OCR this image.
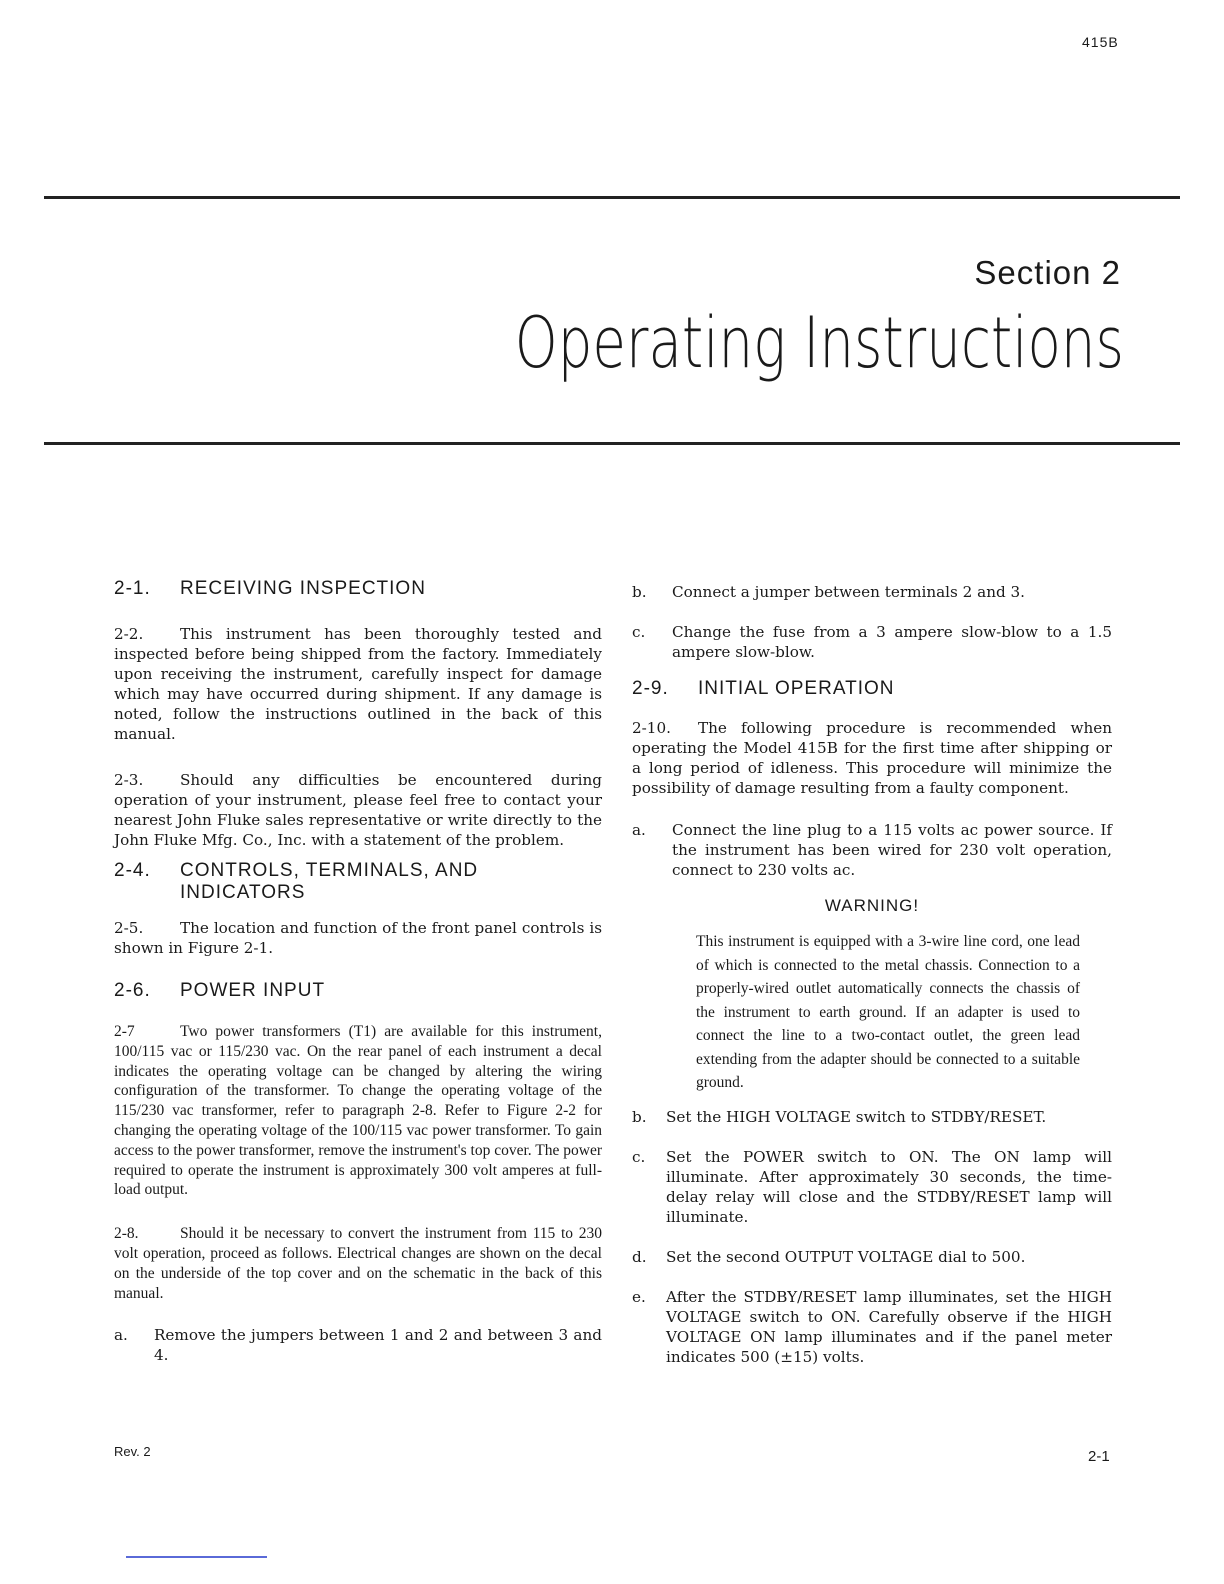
415B
Section 2
Operating Instructions
2-1.	RECEIVING INSPECTION

2-2. This instrument has been thoroughly tested and inspected before being shipped from the factory. Immediately upon receiving the instrument, carefully inspect for damage which may have occurred during shipment. If any damage is noted, follow the instructions outlined in the back of this manual.

2-3. Should any difficulties be encountered during operation of your instrument, please feel free to contact your nearest John Fluke sales representative or write directly to the John Fluke Mfg. Co., Inc. with a statement of the problem.

2-4.	CONTROLS, TERMINALS, AND INDICATORS

2-5. The location and function of the front panel controls is shown in Figure 2-1.

2-6.	POWER INPUT

2-7	Two power transformers (T1) are available for this instrument, 100/115 vac or 115/230 vac. On the rear panel of each instrument a decal indicates the operating voltage can be changed by altering the wiring configuration of the transformer. To change the operating voltage of the 115/230 vac transformer, refer to paragraph 2-8. Refer to Figure 2-2 for changing the operating voltage of the 100/115 vac power transformer. To gain access to the power transformer, remove the instrument's top cover. The power required to operate the instrument is approximately 300 volt amperes at full-load output.

2-8.	Should it be necessary to convert the instrument from 115 to 230 volt operation, proceed as follows. Electrical changes are shown on the decal on the underside of the top cover and on the schematic in the back of this manual.

a.	Remove the jumpers between 1 and 2 and between 3 and 4.
b.	Connect a jumper between terminals 2 and 3.
c.	Change the fuse from a 3 ampere slow-blow to a 1.5 ampere slow-blow.
2-9.	INITIAL OPERATION

2-10. The following procedure is recommended when operating the Model 415B for the first time after shipping or a long period of idleness. This procedure will minimize the possibility of damage resulting from a faulty component.

a.	Connect the line plug to a 115 volts ac power source. If the instrument has been wired for 230 volt operation, connect to 230 volts ac.

WARNING!

This instrument is equipped with a 3-wire line cord, one lead of which is connected to the metal chassis. Connection to a properly-wired outlet automatically connects the chassis of the instrument to earth ground. If an adapter is used to connect the line to a two-contact outlet, the green lead extending from the adapter should be connected to a suitable ground.

b.	Set the HIGH VOLTAGE switch to STDBY/RESET.
c.	Set the POWER switch to ON. The ON lamp will illuminate. After approximately 30 seconds, the time-delay relay will close and the STDBY/RESET lamp will illuminate.
d.	Set the second OUTPUT VOLTAGE dial to 500.
e.	After the STDBY/RESET lamp illuminates, set the HIGH VOLTAGE switch to ON. Carefully observe if the HIGH VOLTAGE ON lamp illuminates and if the panel meter indicates 500 (±15) volts.
Rev. 2	2-1
